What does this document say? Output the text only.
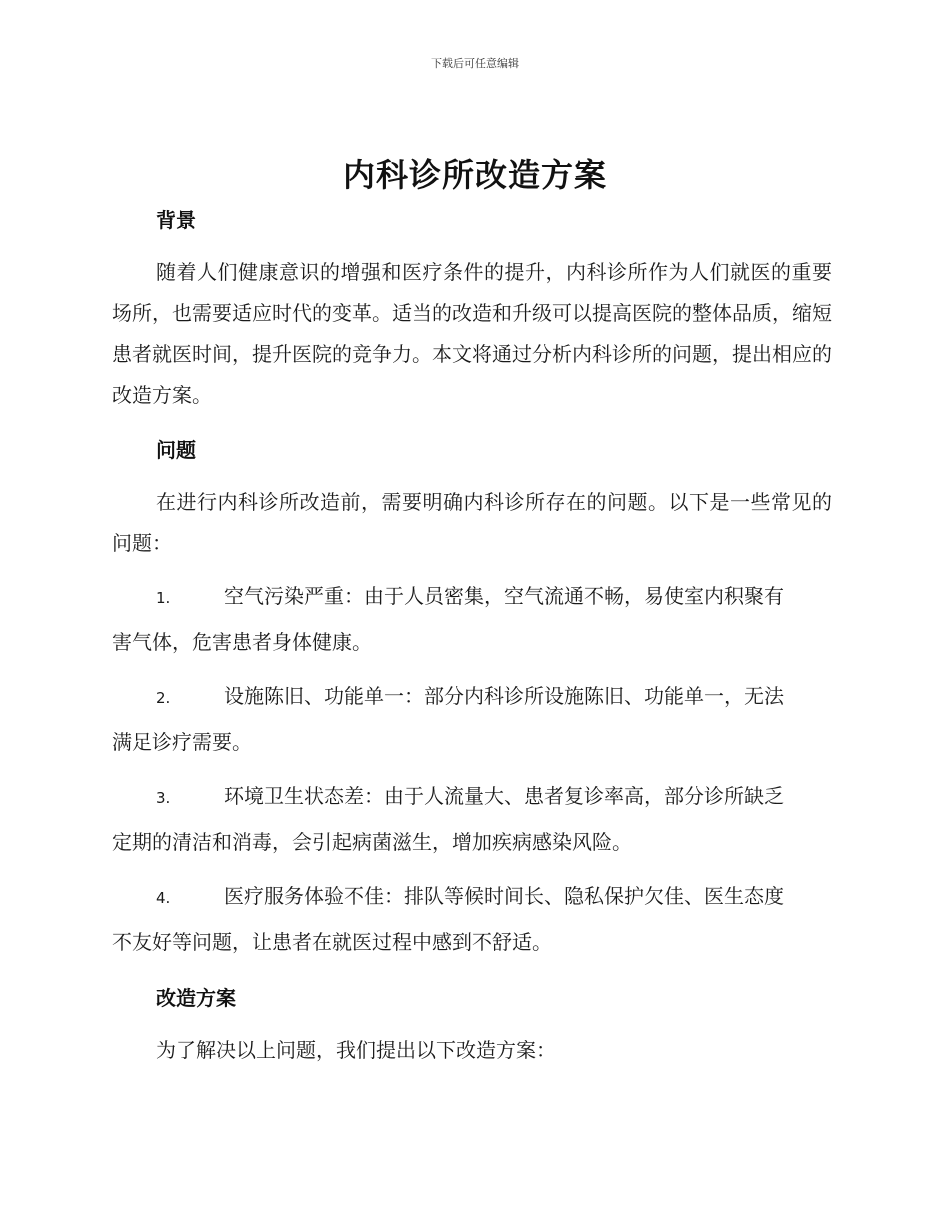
下载后可任意编辑
内科诊所改造方案

背景

随着人们健康意识的增强和医疗条件的提升，内科诊所作为人们就医的重要场所，也需要适应时代的变革。适当的改造和升级可以提高医院的整体品质，缩短患者就医时间，提升医院的竞争力。本文将通过分析内科诊所的问题，提出相应的改造方案。

问题

在进行内科诊所改造前，需要明确内科诊所存在的问题。以下是一些常见的问题：

1.	空气污染严重：由于人员密集，空气流通不畅，易使室内积聚有
害气体，危害患者身体健康。

2.	设施陈旧、功能单一：部分内科诊所设施陈旧、功能单一，无法
满足诊疗需要。

3.	环境卫生状态差：由于人流量大、患者复诊率高，部分诊所缺乏
定期的清洁和消毒，会引起病菌滋生，增加疾病感染风险。

4.	医疗服务体验不佳：排队等候时间长、隐私保护欠佳、医生态度
不友好等问题，让患者在就医过程中感到不舒适。

改造方案

为了解决以上问题，我们提出以下改造方案：
